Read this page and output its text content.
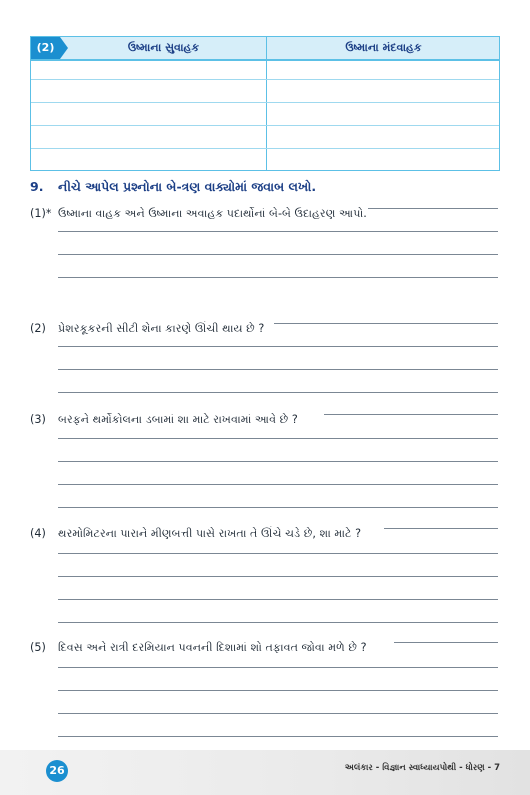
(2)	ઉષ્માના સુવાહક	ઉષ્માના મંદવાહક
9. નીચે આપેલ પ્રશ્નોના બે-ત્રણ વાક્યોમાં જવાબ લખો.
(1)* ઉષ્માના વાહક અને ઉષ્માના અવાહક પદાર્થોનાં બે-બે ઉદાહરણ આપો.
(2) પ્રેશરકૂકરની સીટી શેના કારણે ઊંચી થાય છે ?
(3) બરફને થર્મોકોલના ડબામાં શા માટે રાખવામાં આવે છે ?
(4) થરમોમિટરના પારાને મીણબત્તી પાસે રાખતા તે ઊંચે ચડે છે, શા માટે ?
(5) દિવસ અને રાત્રી દરમિયાન પવનની દિશામાં શો તફાવત જોવા મળે છે ?
26	અલંકાર - વિજ્ઞાન સ્વાધ્યાયપોથી - ધોરણ - 7
